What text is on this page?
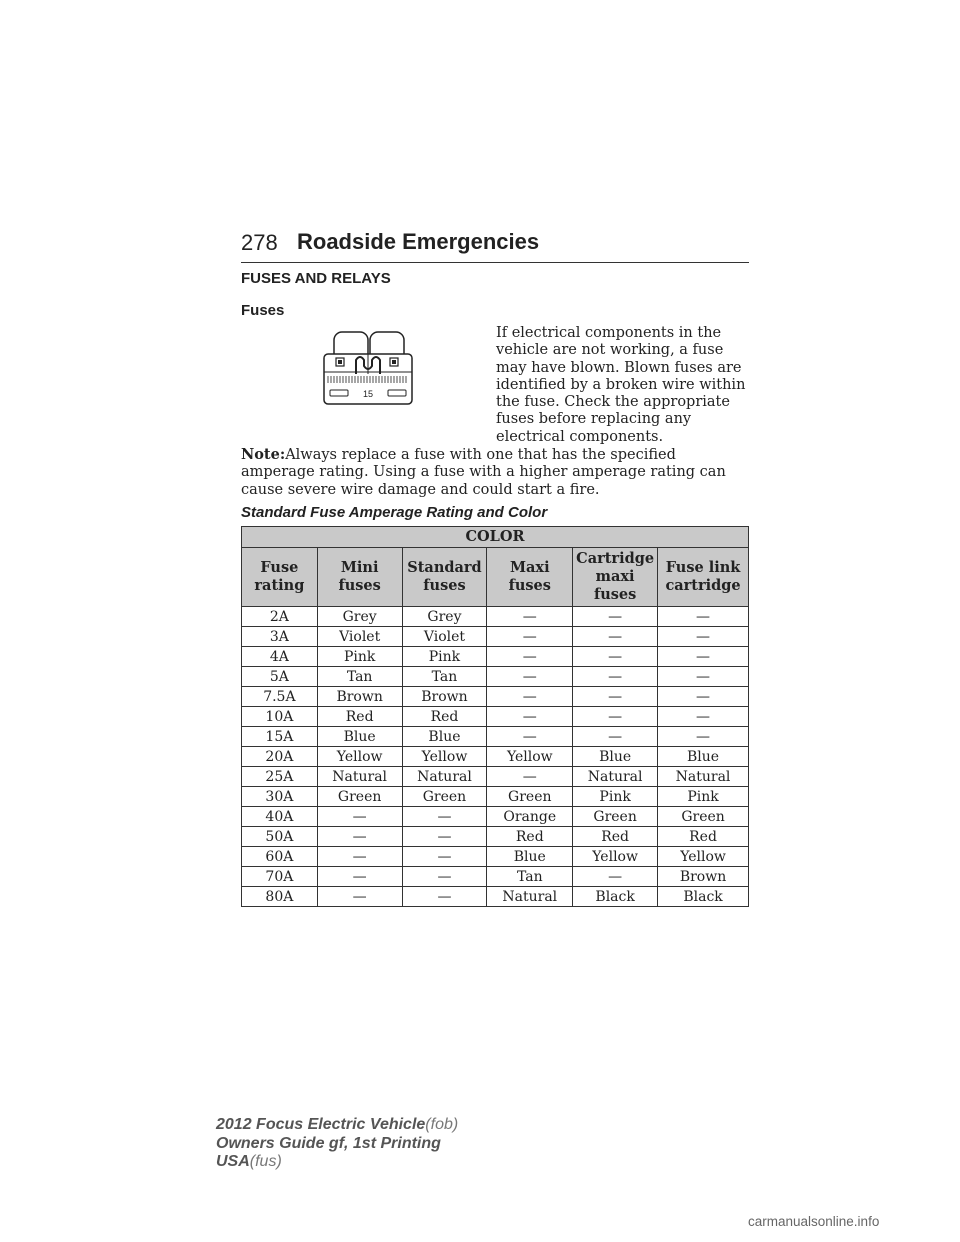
278 Roadside Emergencies
FUSES AND RELAYS
Fuses
15
If electrical components in the vehicle are not working, a fuse may have blown. Blown fuses are identified by a broken wire within the fuse. Check the appropriate fuses before replacing any electrical components.
Note:Always replace a fuse with one that has the specified amperage rating. Using a fuse with a higher amperage rating can cause severe wire damage and could start a fire.
Standard Fuse Amperage Rating and Color
COLOR					
Fuse rating	Mini fuses	Standard fuses	Maxi fuses	Cartridge maxi fuses	Fuse link cartridge
2A	Grey	Grey	—	—	—
3A	Violet	Violet	—	—	—
4A	Pink	Pink	—	—	—
5A	Tan	Tan	—	—	—
7.5A	Brown	Brown	—	—	—
10A	Red	Red	—	—	—
15A	Blue	Blue	—	—	—
20A	Yellow	Yellow	Yellow	Blue	Blue
25A	Natural	Natural	—	Natural	Natural
30A	Green	Green	Green	Pink	Pink
40A	—	—	Orange	Green	Green
50A	—	—	Red	Red	Red
60A	—	—	Blue	Yellow	Yellow
70A	—	—	Tan	—	Brown
80A	—	—	Natural	Black	Black
2012 Focus Electric Vehicle(fob)
Owners Guide gf, 1st Printing
USA(fus)
carmanualsonline.info
